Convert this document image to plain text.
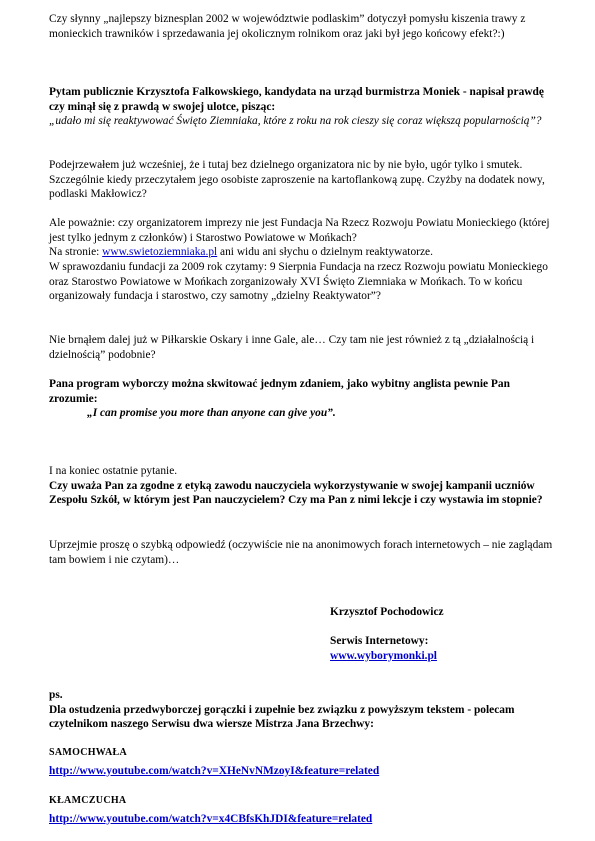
Czy słynny „najlepszy biznesplan 2002 w województwie podlaskim” dotyczył pomysłu kiszenia trawy z monieckich trawników i sprzedawania jej okolicznym rolnikom oraz jaki był jego końcowy efekt?:)

Pytam publicznie Krzysztofa Falkowskiego, kandydata na urząd burmistrza Moniek - napisał prawdę czy minął się z prawdą w swojej ulotce, pisząc:

„udało mi się reaktywować Święto Ziemniaka, które z roku na rok cieszy się coraz większą popularnością”?

Podejrzewałem już wcześniej, że i tutaj bez dzielnego organizatora nic by nie było, ugór tylko i smutek. Szczególnie kiedy przeczytałem jego osobiste zaproszenie na kartoflankową zupę. Czyżby na dodatek nowy, podlaski Makłowicz?

Ale poważnie: czy organizatorem imprezy nie jest Fundacja Na Rzecz Rozwoju Powiatu Monieckiego (której jest tylko jednym z członków) i Starostwo Powiatowe w Mońkach?

Na stronie: www.swietoziemniaka.pl ani widu ani słychu o dzielnym reaktywatorze.

W sprawozdaniu fundacji za 2009 rok czytamy: 9 Sierpnia Fundacja na rzecz Rozwoju powiatu Monieckiego oraz Starostwo Powiatowe w Mońkach zorganizowały XVI Święto Ziemniaka w Mońkach. To w końcu organizowały fundacja i starostwo, czy samotny „dzielny Reaktywator”?

Nie brnąłem dalej już w Piłkarskie Oskary i inne Gale, ale… Czy tam nie jest również z tą „działalnością i dzielnością” podobnie?

Pana program wyborczy można skwitować jednym zdaniem, jako wybitny anglista pewnie Pan zrozumie:

„I can promise you more than anyone can give you”.

I na koniec ostatnie pytanie.

Czy uważa Pan za zgodne z etyką zawodu nauczyciela wykorzystywanie w swojej kampanii uczniów Zespołu Szkół, w którym jest Pan nauczycielem? Czy ma Pan z nimi lekcje i czy wystawia im stopnie?

Uprzejmie proszę o szybką odpowiedź (oczywiście nie na anonimowych forach internetowych – nie zaglądam tam bowiem i nie czytam)…

Krzysztof Pochodowicz

Serwis Internetowy:

www.wyborymonki.pl

ps.

Dla ostudzenia przedwyborczej gorączki i zupełnie bez związku z powyższym tekstem - polecam czytelnikom naszego Serwisu dwa wiersze Mistrza Jana Brzechwy:

SAMOCHWAŁA

http://www.youtube.com/watch?v=XHeNvNMzoyI&feature=related

KŁAMCZUCHA

http://www.youtube.com/watch?v=x4CBfsKhJDI&feature=related
